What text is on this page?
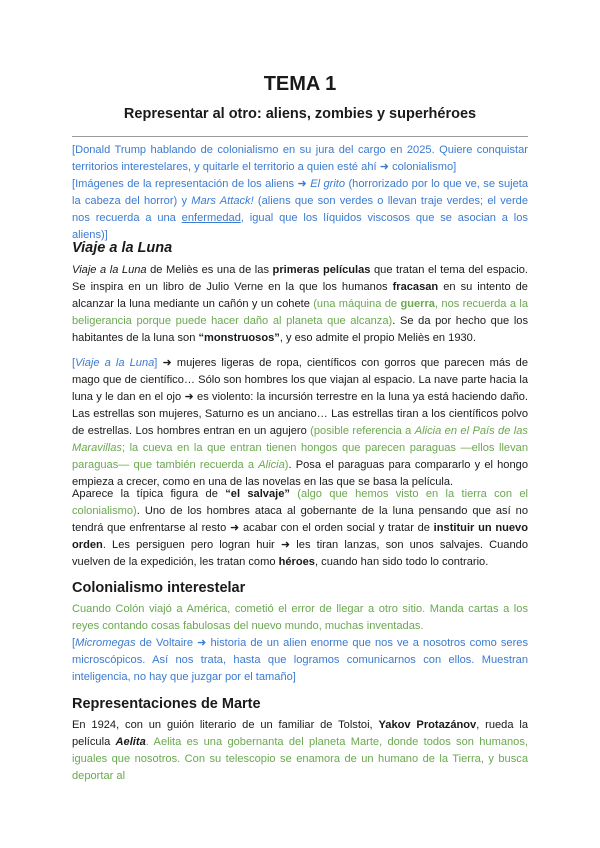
TEMA 1
Representar al otro: aliens, zombies y superhéroes
[Donald Trump hablando de colonialismo en su jura del cargo en 2025. Quiere conquistar territorios interestelares, y quitarle el territorio a quien esté ahí ➜ colonialismo]
[Imágenes de la representación de los aliens ➜ El grito (horrorizado por lo que ve, se sujeta la cabeza del horror) y Mars Attack! (aliens que son verdes o llevan traje verdes; el verde nos recuerda a una enfermedad, igual que los líquidos viscosos que se asocian a los aliens)]
Viaje a la Luna
Viaje a la Luna de Meliès es una de las primeras películas que tratan el tema del espacio. Se inspira en un libro de Julio Verne en la que los humanos fracasan en su intento de alcanzar la luna mediante un cañón y un cohete (una máquina de guerra, nos recuerda a la beligerancia porque puede hacer daño al planeta que alcanza). Se da por hecho que los habitantes de la luna son “monstruosos”, y eso admite el propio Meliès en 1930.
[Viaje a la Luna] ➜ mujeres ligeras de ropa, científicos con gorros que parecen más de mago que de científico… Sólo son hombres los que viajan al espacio. La nave parte hacia la luna y le dan en el ojo ➜ es violento: la incursión terrestre en la luna ya está haciendo daño. Las estrellas son mujeres, Saturno es un anciano… Las estrellas tiran a los científicos polvo de estrellas. Los hombres entran en un agujero (posible referencia a Alicia en el País de las Maravillas; la cueva en la que entran tienen hongos que parecen paraguas —ellos llevan paraguas— que también recuerda a Alicia). Posa el paraguas para compararlo y el hongo empieza a crecer, como en una de las novelas en las que se basa la película.
Aparece la típica figura de “el salvaje” (algo que hemos visto en la tierra con el colonialismo). Uno de los hombres ataca al gobernante de la luna pensando que así no tendrá que enfrentarse al resto ➜ acabar con el orden social y tratar de instituir un nuevo orden. Les persiguen pero logran huir ➜ les tiran lanzas, son unos salvajes. Cuando vuelven de la expedición, les tratan como héroes, cuando han sido todo lo contrario.
Colonialismo interestelar
Cuando Colón viajó a América, cometió el error de llegar a otro sitio. Manda cartas a los reyes contando cosas fabulosas del nuevo mundo, muchas inventadas.
[Micromegas de Voltaire ➜ historia de un alien enorme que nos ve a nosotros como seres microscópicos. Así nos trata, hasta que logramos comunicarnos con ellos. Muestran inteligencia, no hay que juzgar por el tamaño]
Representaciones de Marte
En 1924, con un guión literario de un familiar de Tolstoi, Yakov Protazánov, rueda la película Aelita. Aelita es una gobernanta del planeta Marte, donde todos son humanos, iguales que nosotros. Con su telescopio se enamora de un humano de la Tierra, y busca deportar al
